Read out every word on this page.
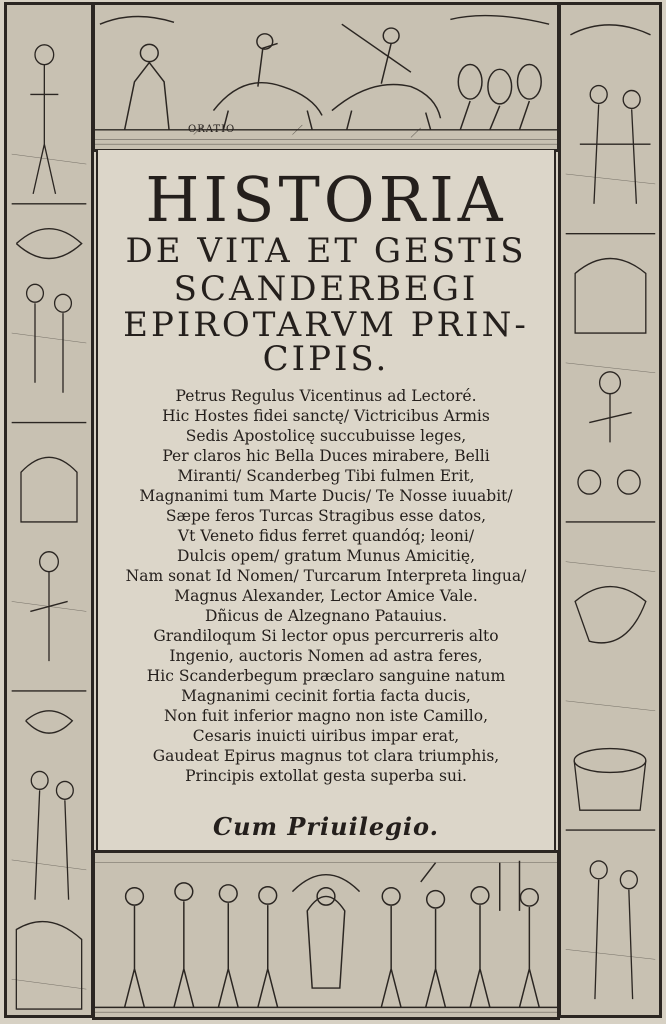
ORATIO
HISTORIA
DE VITA ET GESTIS
SCANDERBEGI
EPIROTARVM PRIN-
CIPIS.
Petrus Regulus Vicentinus ad Lectoré.
Hic Hostes fidei sanctę/ Victricibus Armis
Sedis Apostolicę succubuisse leges,
Per claros hic Bella Duces mirabere, Belli
Miranti/ Scanderbeg Tibi fulmen Erit,
Magnanimi tum Marte Ducis/ Te Nosse iuuabit/
Sæpe feros Turcas Stragibus esse datos,
Vt Veneto fidus ferret quandóq; leoni/
Dulcis opem/ gratum Munus Amicitię,
Nam sonat Id Nomen/ Turcarum Interpreta lingua/
Magnus Alexander, Lector Amice Vale.
Dñicus de Alzegnano Patauius.
Grandiloqum Si lector opus percurreris alto
Ingenio, auctoris Nomen ad astra feres,
Hic Scanderbegum præclaro sanguine natum
Magnanimi cecinit fortia facta ducis,
Non fuit inferior magno non iste Camillo,
Cesaris inuicti uiribus impar erat,
Gaudeat Epirus magnus tot clara triumphis,
Principis extollat gesta superba sui.
Cum Priuilegio.
